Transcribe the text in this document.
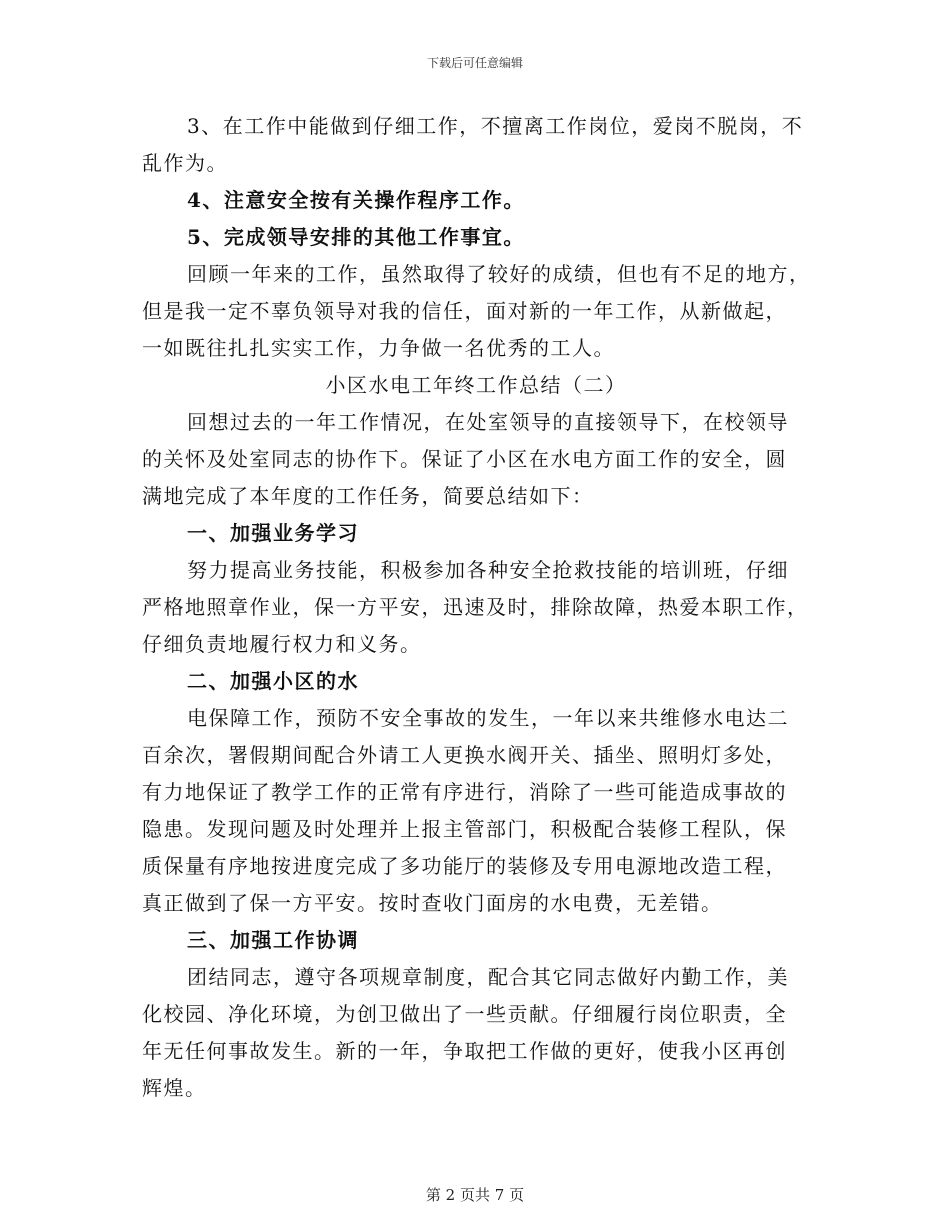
下载后可任意编辑
3、在工作中能做到仔细工作，不擅离工作岗位，爱岗不脱岗，不
乱作为。
4、注意安全按有关操作程序工作。
5、完成领导安排的其他工作事宜。
回顾一年来的工作，虽然取得了较好的成绩，但也有不足的地方，
但是我一定不辜负领导对我的信任，面对新的一年工作，从新做起，
一如既往扎扎实实工作，力争做一名优秀的工人。
小区水电工年终工作总结（二）
回想过去的一年工作情况，在处室领导的直接领导下，在校领导
的关怀及处室同志的协作下。保证了小区在水电方面工作的安全，圆
满地完成了本年度的工作任务，简要总结如下：
一、加强业务学习
努力提高业务技能，积极参加各种安全抢救技能的培训班，仔细
严格地照章作业，保一方平安，迅速及时，排除故障，热爱本职工作，
仔细负责地履行权力和义务。
二、加强小区的水
电保障工作，预防不安全事故的发生，一年以来共维修水电达二
百余次，署假期间配合外请工人更换水阀开关、插坐、照明灯多处，
有力地保证了教学工作的正常有序进行，消除了一些可能造成事故的
隐患。发现问题及时处理并上报主管部门，积极配合装修工程队，保
质保量有序地按进度完成了多功能厅的装修及专用电源地改造工程，
真正做到了保一方平安。按时查收门面房的水电费，无差错。
三、加强工作协调
团结同志，遵守各项规章制度，配合其它同志做好内勤工作，美
化校园、净化环境，为创卫做出了一些贡献。仔细履行岗位职责，全
年无任何事故发生。新的一年，争取把工作做的更好，使我小区再创
辉煌。
第 2 页共 7 页
